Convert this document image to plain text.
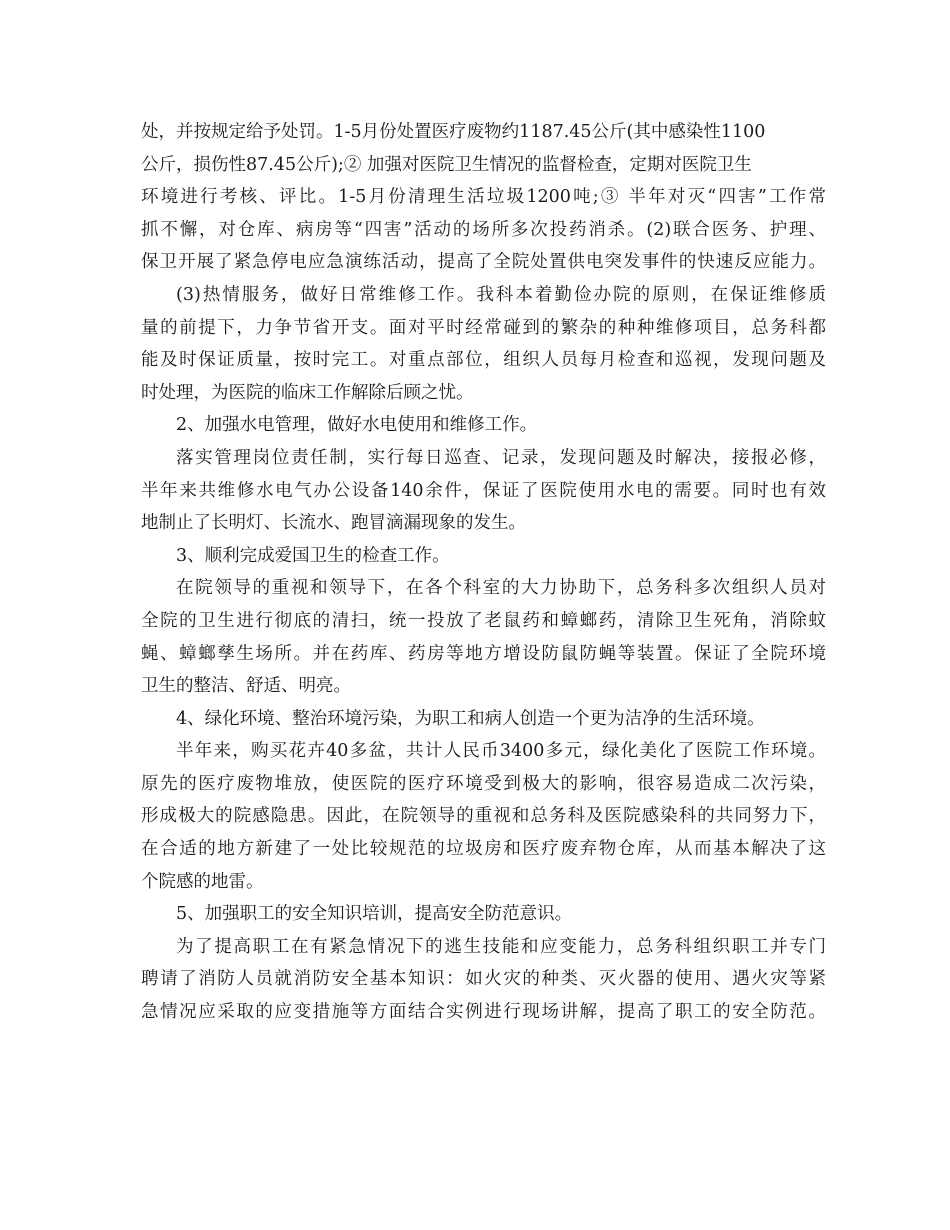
处，并按规定给予处罚。1-5月份处置医疗废物约1187.45公斤(其中感染性1100
公斤，损伤性87.45公斤);② 加强对医院卫生情况的监督检查，定期对医院卫生
环境进行考核、评比。1-5月份清理生活垃圾1200吨;③ 半年对灭“四害”工作常
抓不懈，对仓库、病房等“四害”活动的场所多次投药消杀。(2)联合医务、护理、
保卫开展了紧急停电应急演练活动，提高了全院处置供电突发事件的快速反应能力。
(3)热情服务，做好日常维修工作。我科本着勤俭办院的原则，在保证维修质
量的前提下，力争节省开支。面对平时经常碰到的繁杂的种种维修项目，总务科都
能及时保证质量，按时完工。对重点部位，组织人员每月检查和巡视，发现问题及
时处理，为医院的临床工作解除后顾之忧。
2、加强水电管理，做好水电使用和维修工作。
落实管理岗位责任制，实行每日巡查、记录，发现问题及时解决，接报必修，
半年来共维修水电气办公设备140余件，保证了医院使用水电的需要。同时也有效
地制止了长明灯、长流水、跑冒滴漏现象的发生。
3、顺利完成爱国卫生的检查工作。
在院领导的重视和领导下，在各个科室的大力协助下，总务科多次组织人员对
全院的卫生进行彻底的清扫，统一投放了老鼠药和蟑螂药，清除卫生死角，消除蚊
蝇、蟑螂孳生场所。并在药库、药房等地方增设防鼠防蝇等装置。保证了全院环境
卫生的整洁、舒适、明亮。
4、绿化环境、整治环境污染，为职工和病人创造一个更为洁净的生活环境。
半年来，购买花卉40多盆，共计人民币3400多元，绿化美化了医院工作环境。
原先的医疗废物堆放，使医院的医疗环境受到极大的影响，很容易造成二次污染，
形成极大的院感隐患。因此，在院领导的重视和总务科及医院感染科的共同努力下，
在合适的地方新建了一处比较规范的垃圾房和医疗废弃物仓库，从而基本解决了这
个院感的地雷。
5、加强职工的安全知识培训，提高安全防范意识。
为了提高职工在有紧急情况下的逃生技能和应变能力，总务科组织职工并专门
聘请了消防人员就消防安全基本知识：如火灾的种类、灭火器的使用、遇火灾等紧
急情况应采取的应变措施等方面结合实例进行现场讲解，提高了职工的安全防范。
